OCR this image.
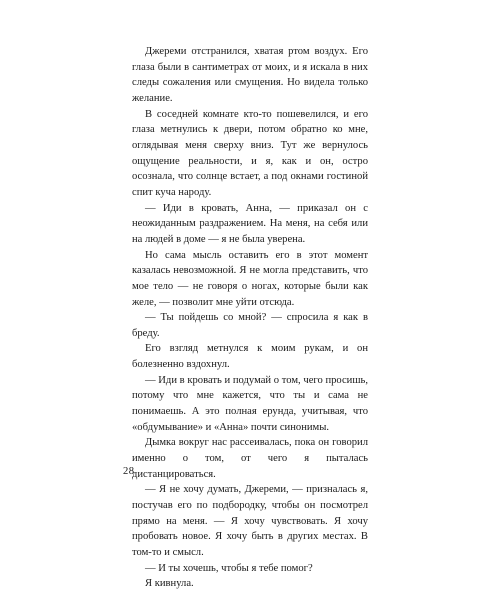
Джереми отстранился, хватая ртом воздух. Его глаза были в сантиметрах от моих, и я искала в них следы сожаления или смущения. Но видела только желание.

В соседней комнате кто-то пошевелился, и его глаза метнулись к двери, потом обратно ко мне, оглядывая меня сверху вниз. Тут же вернулось ощущение реальности, и я, как и он, остро осознала, что солнце встает, а под окнами гостиной спит куча народу.

— Иди в кровать, Анна, — приказал он с неожиданным раздражением. На меня, на себя или на людей в доме — я не была уверена.

Но сама мысль оставить его в этот момент казалась невозможной. Я не могла представить, что мое тело — не говоря о ногах, которые были как желе, — позволит мне уйти отсюда.

— Ты пойдешь со мной? — спросила я как в бреду.

Его взгляд метнулся к моим рукам, и он болезненно вздохнул.

— Иди в кровать и подумай о том, чего просишь, потому что мне кажется, что ты и сама не понимаешь. А это полная ерунда, учитывая, что «обдумывание» и «Анна» почти синонимы.

Дымка вокруг нас рассеивалась, пока он говорил именно о том, от чего я пыталась дистанцироваться.

— Я не хочу думать, Джереми, — призналась я, постучав его по подбородку, чтобы он посмотрел прямо на меня. — Я хочу чувствовать. Я хочу пробовать новое. Я хочу быть в других местах. В том-то и смысл.

— И ты хочешь, чтобы я тебе помог?

Я кивнула.

28
